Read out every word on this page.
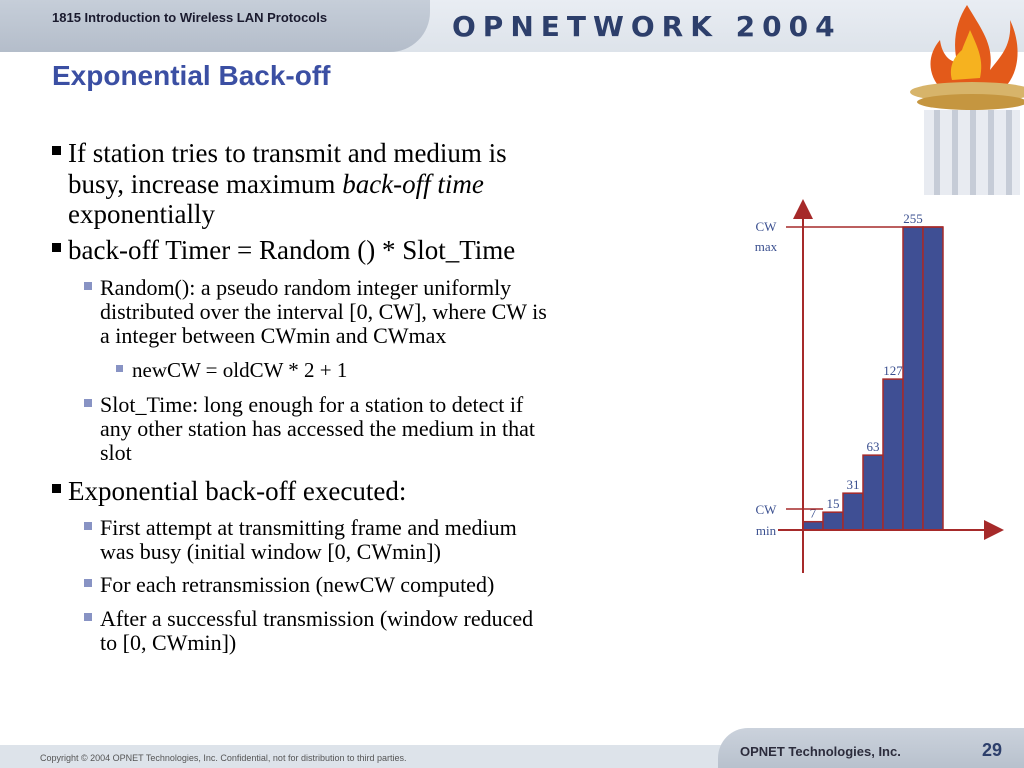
1815 Introduction to Wireless LAN Protocols	OPNETWORK 2004
Exponential Back-off
If station tries to transmit and medium is
busy, increase maximum back-off time
exponentially
back-off Timer = Random () * Slot_Time
Random(): a pseudo random integer uniformly
distributed over the interval [0, CW], where CW is
a integer between CWmin and CWmax
newCW = oldCW * 2 + 1
Slot_Time: long enough for a station to detect if
any other station has accessed the medium in that
slot
Exponential back-off executed:
First attempt at transmitting frame and medium
was busy (initial window [0, CWmin])
For each retransmission (newCW computed)
After a successful transmission (window reduced
to [0, CWmin])
7
15
31
63
127
255
CW
max
CW
min
Copyright © 2004 OPNET Technologies, Inc. Confidential, not for distribution to third parties.	OPNET Technologies, Inc.	29
